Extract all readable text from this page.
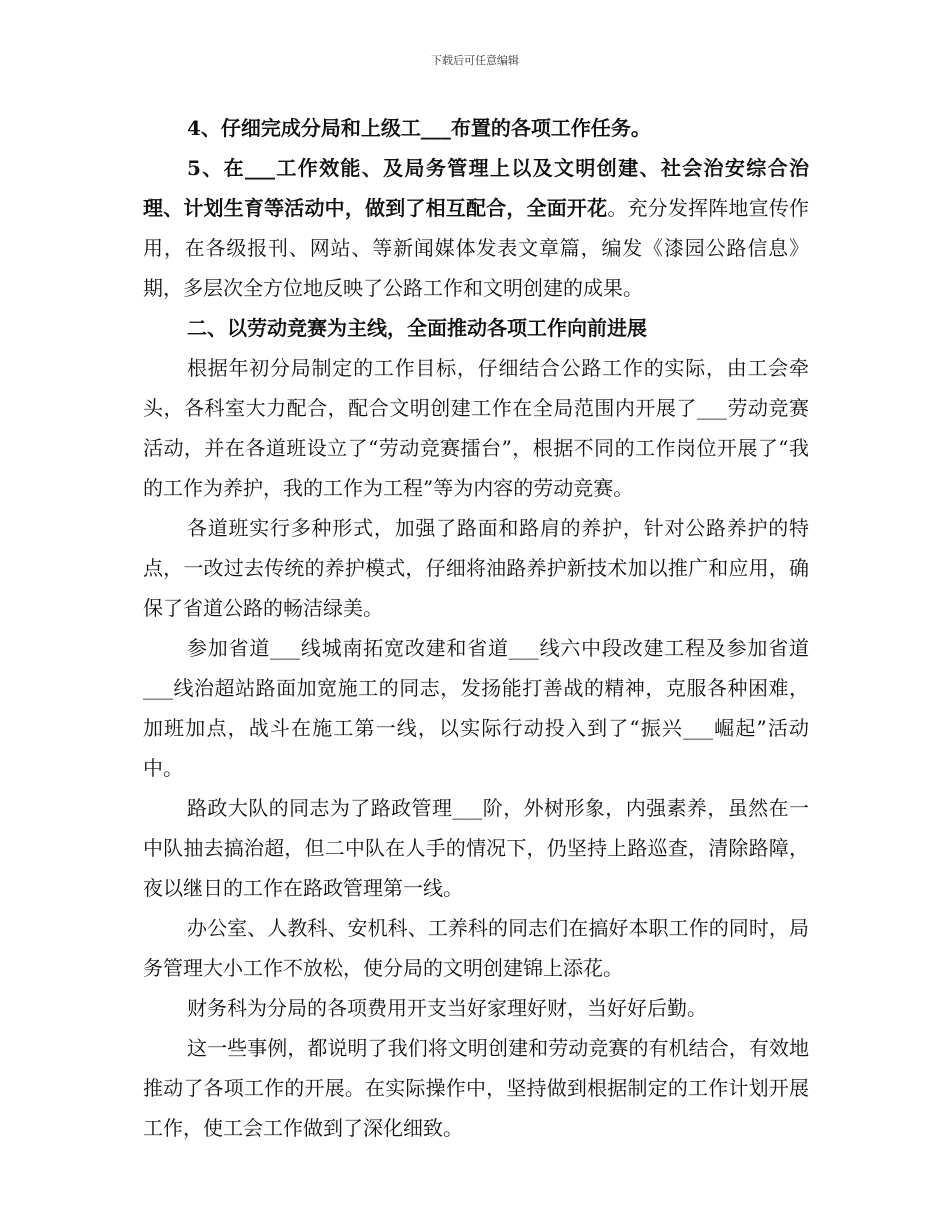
下载后可任意编辑

4、仔细完成分局和上级工___布置的各项工作任务。

5、在___工作效能、及局务管理上以及文明创建、社会治安综合治理、计划生育等活动中，做到了相互配合，全面开花。充分发挥阵地宣传作用，在各级报刊、网站、等新闻媒体发表文章篇，编发《漆园公路信息》期，多层次全方位地反映了公路工作和文明创建的成果。

二、以劳动竞赛为主线，全面推动各项工作向前进展

根据年初分局制定的工作目标，仔细结合公路工作的实际，由工会牵头，各科室大力配合，配合文明创建工作在全局范围内开展了___劳动竞赛活动，并在各道班设立了“劳动竞赛擂台”，根据不同的工作岗位开展了“我的工作为养护，我的工作为工程”等为内容的劳动竞赛。

各道班实行多种形式，加强了路面和路肩的养护，针对公路养护的特点，一改过去传统的养护模式，仔细将油路养护新技术加以推广和应用，确保了省道公路的畅洁绿美。

参加省道___线城南拓宽改建和省道___线六中段改建工程及参加省道___线治超站路面加宽施工的同志，发扬能打善战的精神，克服各种困难，加班加点，战斗在施工第一线，以实际行动投入到了“振兴___崛起”活动中。

路政大队的同志为了路政管理___阶，外树形象，内强素养，虽然在一中队抽去搞治超，但二中队在人手的情况下，仍坚持上路巡查，清除路障，夜以继日的工作在路政管理第一线。

办公室、人教科、安机科、工养科的同志们在搞好本职工作的同时，局务管理大小工作不放松，使分局的文明创建锦上添花。

财务科为分局的各项费用开支当好家理好财，当好好后勤。

这一些事例，都说明了我们将文明创建和劳动竞赛的有机结合，有效地推动了各项工作的开展。在实际操作中，坚持做到根据制定的工作计划开展工作，使工会工作做到了深化细致。
